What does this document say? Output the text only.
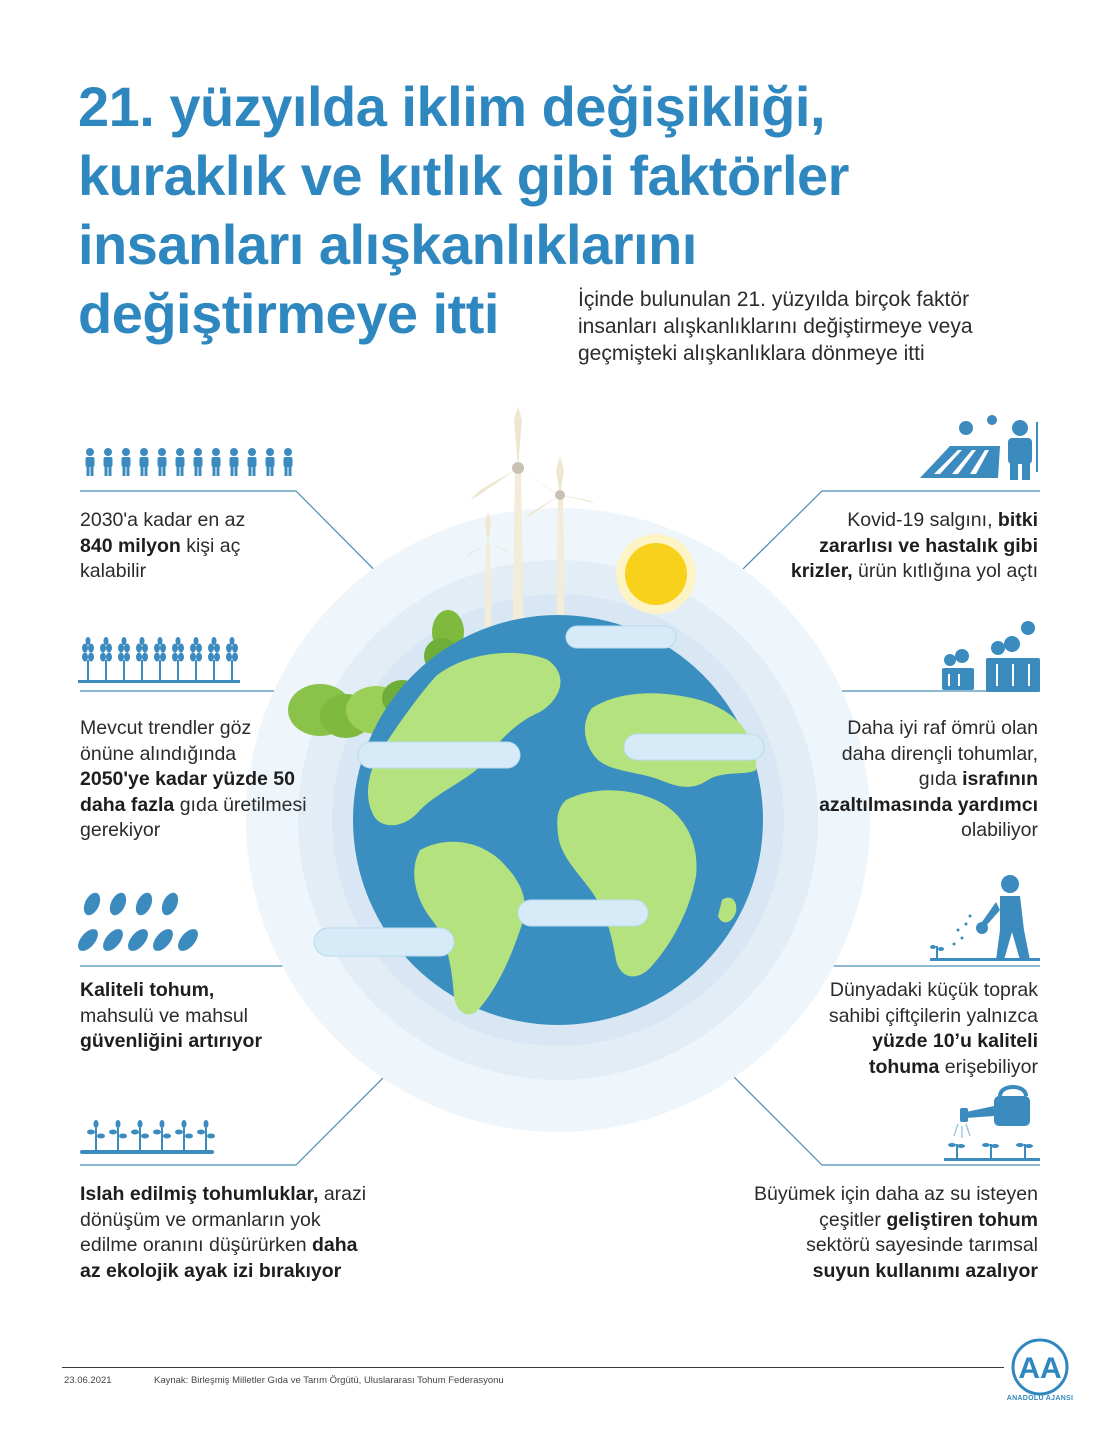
21. yüzyılda iklim değişikliği,
kuraklık ve kıtlık gibi faktörler
insanları alışkanlıklarını
değiştirmeye itti	İçinde bulunulan 21. yüzyılda birçok faktör
insanları alışkanlıklarını değiştirmeye veya
geçmişteki alışkanlıklara dönmeye itti

2030'a kadar en az
840 milyon kişi aç
kalabilir
Mevcut trendler göz
önüne alındığında
2050'ye kadar yüzde 50
daha fazla gıda üretilmesi
gerekiyor
Kaliteli tohum,
mahsulü ve mahsul
güvenliğini artırıyor
Islah edilmiş tohumluklar, arazi
dönüşüm ve ormanların yok
edilme oranını düşürürken daha
az ekolojik ayak izi bırakıyor
Kovid-19 salgını, bitki
zararlısı ve hastalık gibi
krizler, ürün kıtlığına yol açtı
Daha iyi raf ömrü olan
daha dirençli tohumlar,
gıda israfının
azaltılmasında yardımcı
olabiliyor
Dünyadaki küçük toprak
sahibi çiftçilerin yalnızca
yüzde 10’u kaliteli
tohuma erişebiliyor
Büyümek için daha az su isteyen
çeşitler geliştiren tohum
sektörü sayesinde tarımsal
suyun kullanımı azalıyor
23.06.2021	Kaynak: Birleşmiş Milletler Gıda ve Tarım Örgütü, Uluslararası Tohum Federasyonu	AA
ANADOLU AJANSI
